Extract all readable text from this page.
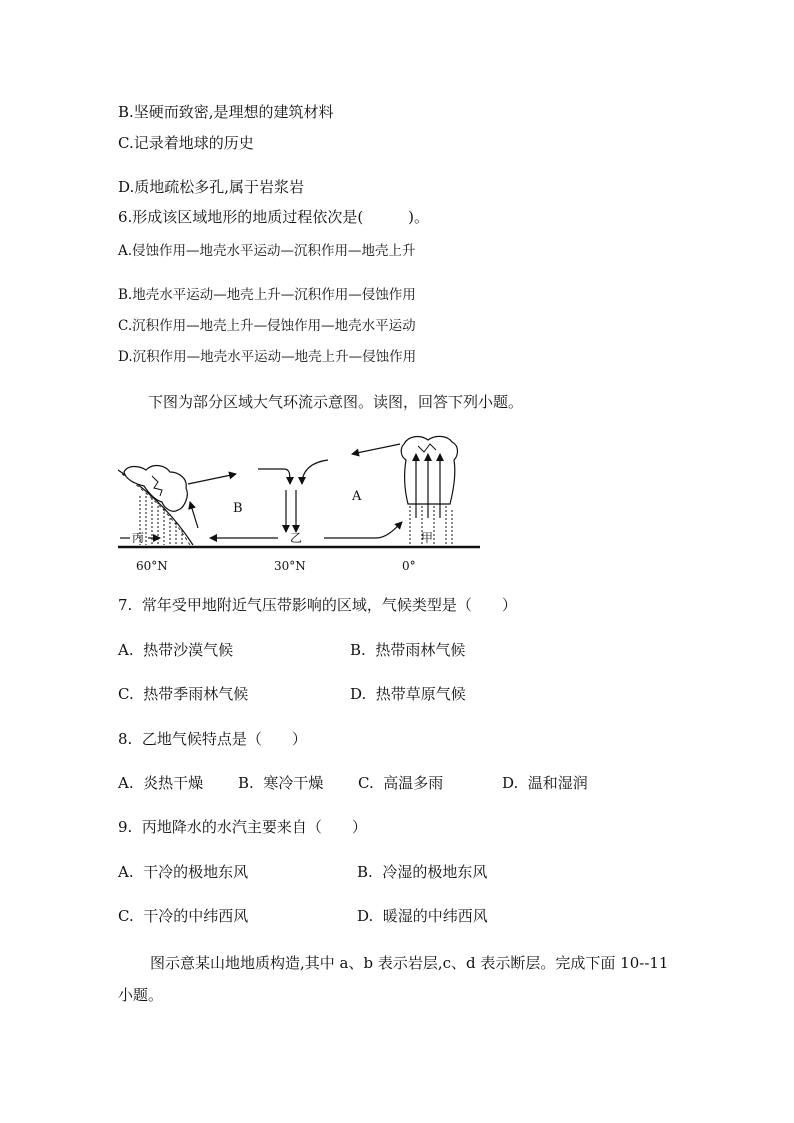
B.坚硬而致密,是理想的建筑材料
C.记录着地球的历史
D.质地疏松多孔,属于岩浆岩
6.形成该区域地形的地质过程依次是(　　　)。
A.侵蚀作用—地壳水平运动—沉积作用—地壳上升
B.地壳水平运动—地壳上升—沉积作用—侵蚀作用
C.沉积作用—地壳上升—侵蚀作用—地壳水平运动
D.沉积作用—地壳水平运动—地壳上升—侵蚀作用
下图为部分区域大气环流示意图。读图，回答下列小题。
B
A
丙	乙	甲
60°N	30°N	0°
7.  常年受甲地附近气压带影响的区域，气候类型是（　　）
A.  热带沙漠气候	B.  热带雨林气候
C.  热带季雨林气候	D.  热带草原气候
8.  乙地气候特点是（　　）
A.  炎热干燥 B.  寒冷干燥 C.  高温多雨	D.  温和湿润
9.  丙地降水的水汽主要来自（　　）
A.  干冷的极地东风	B.  冷湿的极地东风
C.  干冷的中纬西风	D.  暖湿的中纬西风
图示意某山地地质构造,其中 a、b 表示岩层,c、d 表示断层。完成下面 10--11
小题。
